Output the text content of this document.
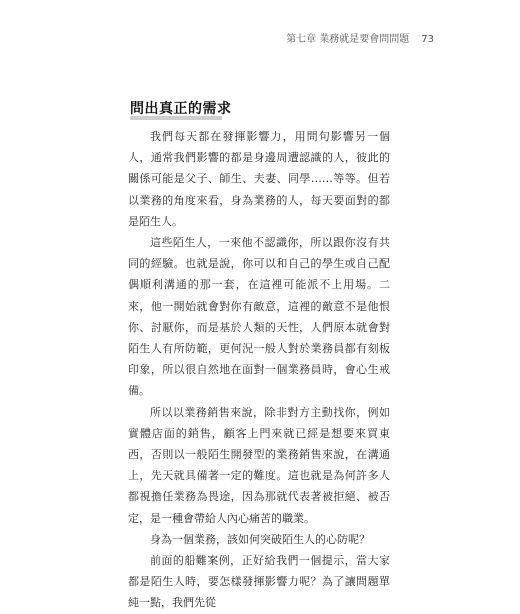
第七章 業務就是要會問問題 73
問出真正的需求

我們每天都在發揮影響力，用問句影響另一個人，通常我們影響的都是身邊周遭認識的人，彼此的關係可能是父子、師生、夫妻、同學……等等。但若以業務的角度來看，身為業務的人，每天要面對的都是陌生人。

這些陌生人，一來他不認識你，所以跟你沒有共同的經驗。也就是說，你可以和自己的學生或自己配偶順利溝通的那一套，在這裡可能派不上用場。二來，他一開始就會對你有敵意，這裡的敵意不是他恨你、討厭你，而是基於人類的天性，人們原本就會對陌生人有所防範，更何況一般人對於業務員都有刻板印象，所以很自然地在面對一個業務員時，會心生戒備。

所以以業務銷售來說，除非對方主動找你，例如實體店面的銷售，顧客上門來就已經是想要來買東西，否則以一般陌生開發型的業務銷售來說，在溝通上，先天就具備著一定的難度。這也就是為何許多人都視擔任業務為畏途，因為那就代表著被拒絕、被否定，是一種會帶給人內心痛苦的職業。

身為一個業務，該如何突破陌生人的心防呢？

前面的船難案例，正好給我們一個提示，當大家都是陌生人時，要怎樣發揮影響力呢？為了讓問題單純一點，我們先從
